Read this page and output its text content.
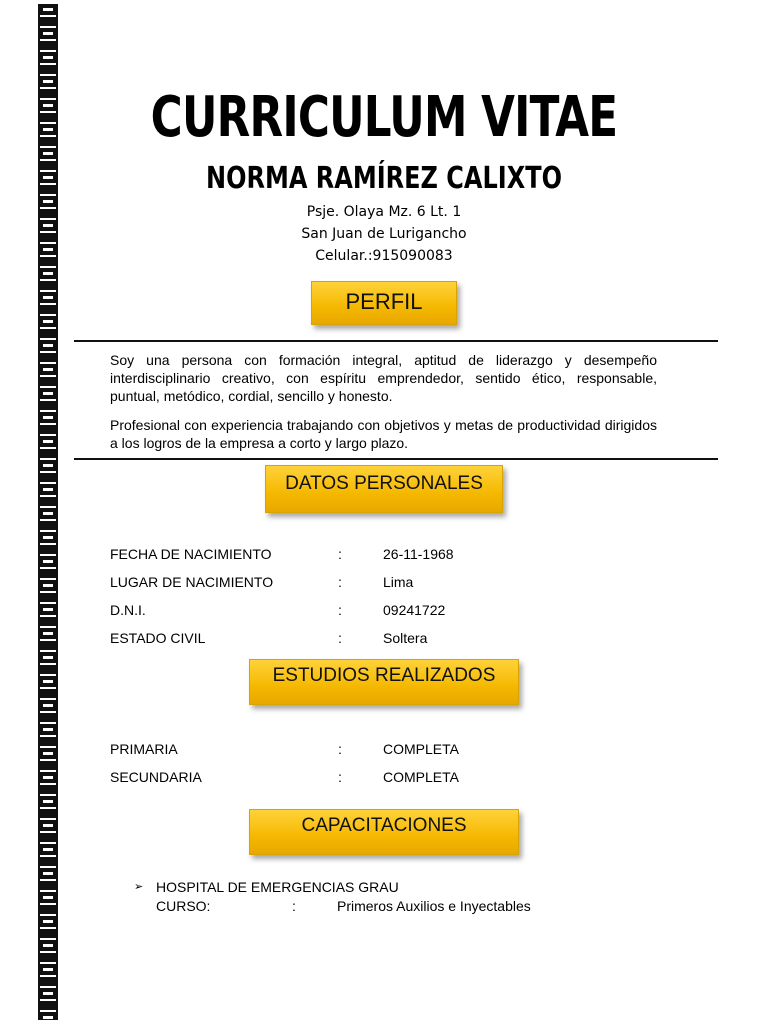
CURRICULUM VITAE
NORMA RAMÍREZ CALIXTO
Psje. Olaya Mz. 6 Lt. 1
San Juan de Lurigancho
Celular.:915090083
PERFIL
Soy una persona con formación integral, aptitud de liderazgo y desempeño interdisciplinario creativo, con espíritu emprendedor, sentido ético, responsable, puntual, metódico, cordial, sencillo y honesto.
Profesional con experiencia trabajando con objetivos y metas de productividad dirigidos a los logros de la empresa a corto y largo plazo.
DATOS PERSONALES
FECHA DE NACIMIENTO	:	26-11-1968
LUGAR DE NACIMIENTO	:	Lima
D.N.I.	:	09241722
ESTADO CIVIL	:	Soltera
ESTUDIOS REALIZADOS
PRIMARIA	:	COMPLETA
SECUNDARIA	:	COMPLETA
CAPACITACIONES
➢ HOSPITAL DE EMERGENCIAS GRAU
CURSO:	:	Primeros Auxilios e Inyectables
